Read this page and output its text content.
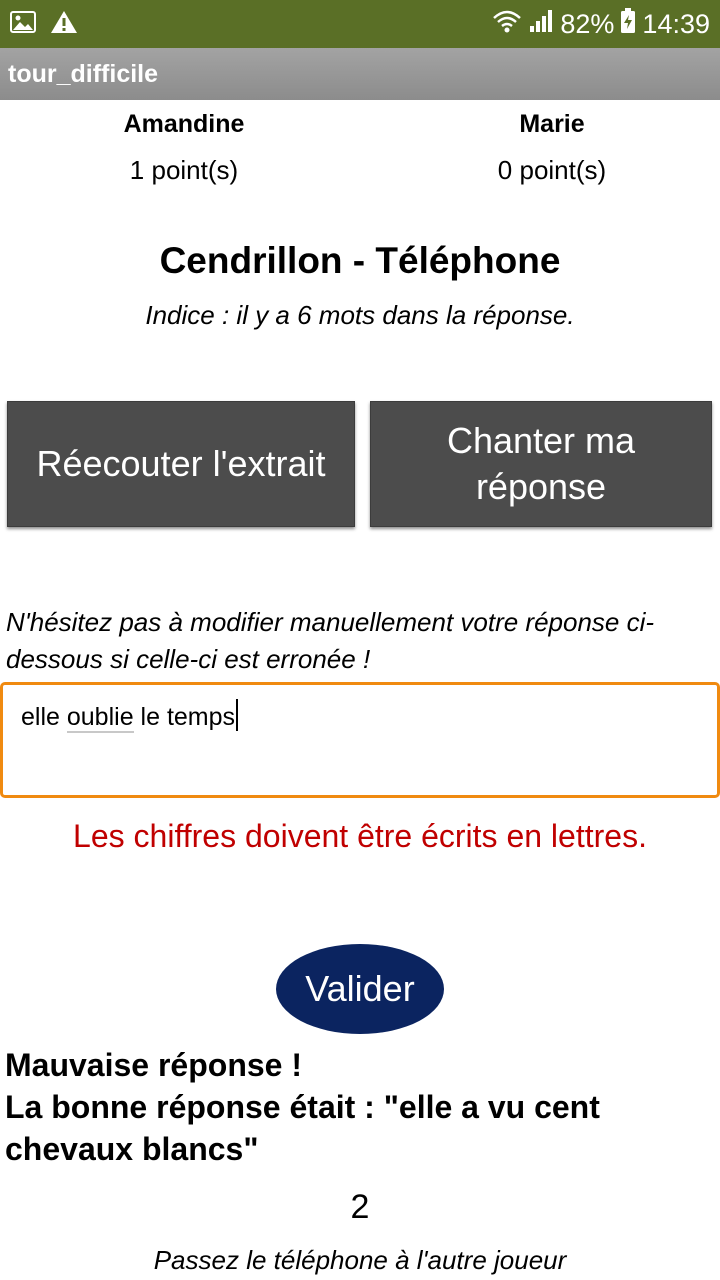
82% 14:39
tour_difficile
Amandine
1 point(s)
Marie
0 point(s)
Cendrillon - Téléphone
Indice : il y a 6 mots dans la réponse.
Réecouter l'extrait
Chanter ma
réponse
N'hésitez pas à modifier manuellement votre réponse ci-dessous si celle-ci est erronée !
elle oublie le temps
Les chiffres doivent être écrits en lettres.
Valider
Mauvaise réponse !
La bonne réponse était : "elle a vu cent chevaux blancs"
2
Passez le téléphone à l'autre joueur
